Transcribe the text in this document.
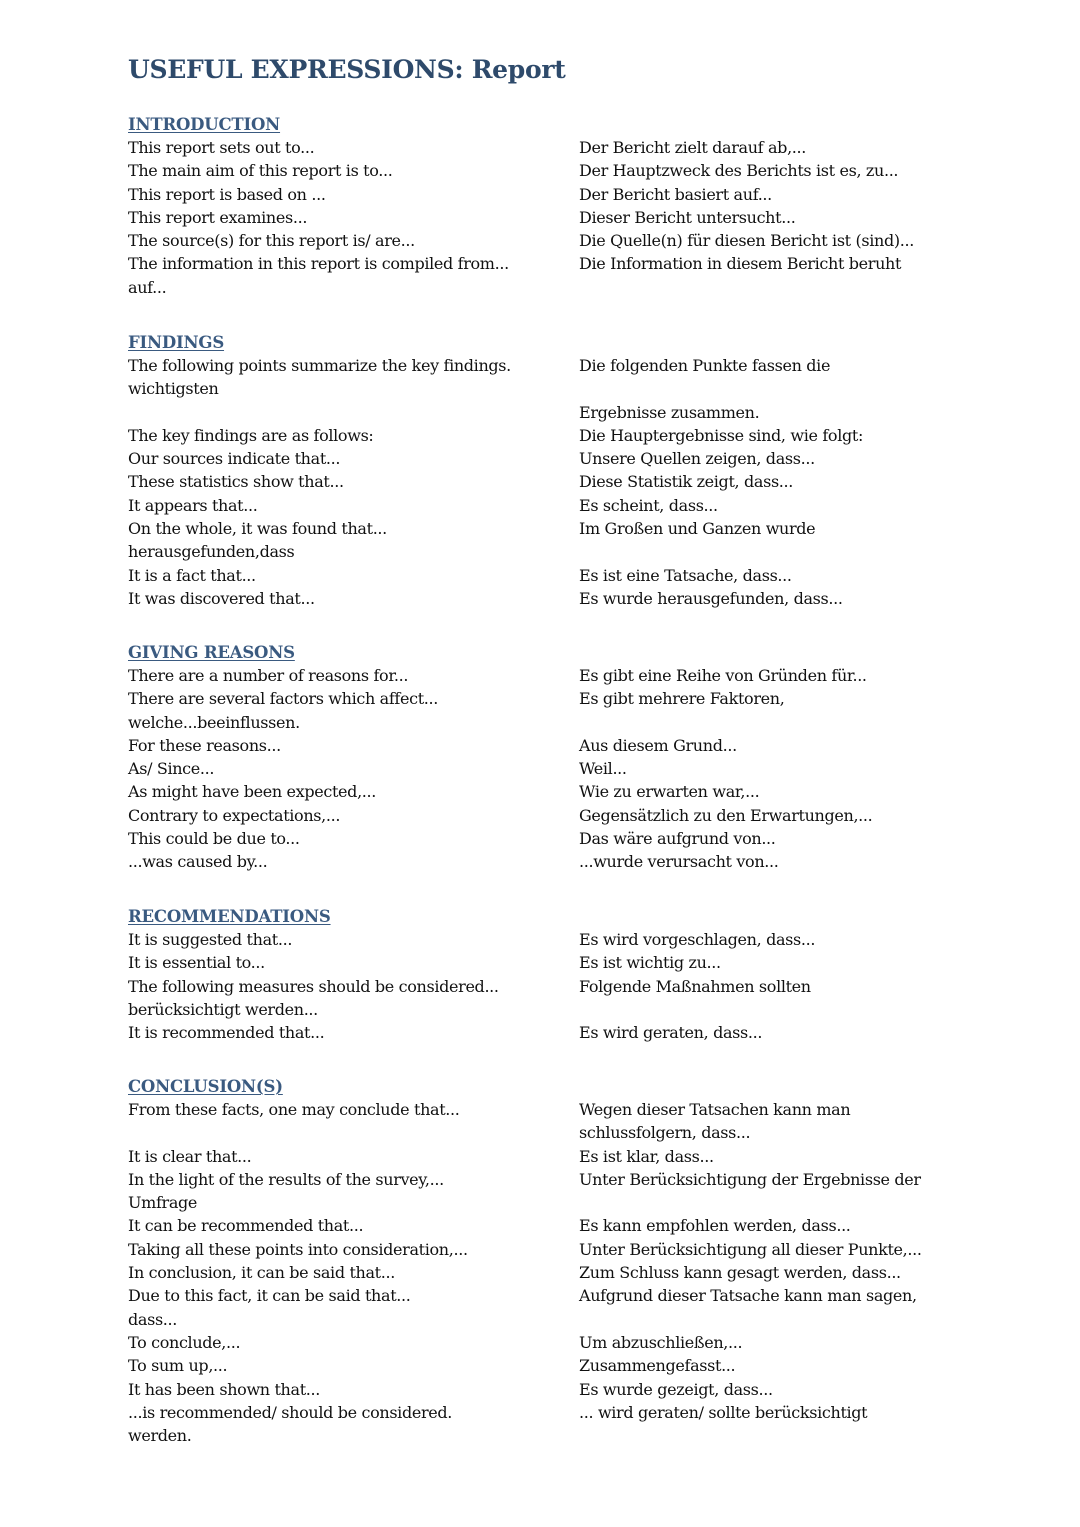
USEFUL EXPRESSIONS: Report
INTRODUCTION
This report sets out to...	Der Bericht zielt darauf ab,...
The main aim of this report is to...	Der Hauptzweck des Berichts ist es, zu...
This report is based on ...	Der Bericht basiert auf...
This report examines...	Dieser Bericht untersucht...
The source(s) for this report is/ are...	Die Quelle(n) für diesen Bericht ist (sind)...
The information in this report is compiled from...	Die Information in diesem Bericht beruht
auf...
FINDINGS
The following points summarize the key findings.	Die folgenden Punkte fassen die
wichtigsten
Ergebnisse zusammen.
The key findings are as follows:	Die Hauptergebnisse sind, wie folgt:
Our sources indicate that...	Unsere Quellen zeigen, dass...
These statistics show that...	Diese Statistik zeigt, dass...
It appears that...	Es scheint, dass...
On the whole, it was found that...	Im Großen und Ganzen wurde
herausgefunden,dass
It is a fact that...	Es ist eine Tatsache, dass...
It was discovered that...	Es wurde herausgefunden, dass...
GIVING REASONS
There are a number of reasons for...	Es gibt eine Reihe von Gründen für...
There are several factors which affect...	Es gibt mehrere Faktoren,
welche...beeinflussen.
For these reasons...	Aus diesem Grund...
As/ Since...	Weil...
As might have been expected,...	Wie zu erwarten war,...
Contrary to expectations,...	Gegensätzlich zu den Erwartungen,...
This could be due to...	Das wäre aufgrund von...
...was caused by...	...wurde verursacht von...
RECOMMENDATIONS
It is suggested that...	Es wird vorgeschlagen, dass...
It is essential to...	Es ist wichtig zu...
The following measures should be considered...	Folgende Maßnahmen sollten
berücksichtigt werden...
It is recommended that...	Es wird geraten, dass...
CONCLUSION(S)
From these facts, one may conclude that...	Wegen dieser Tatsachen kann man
schlussfolgern, dass...
It is clear that...	Es ist klar, dass...
In the light of the results of the survey,...	Unter Berücksichtigung der Ergebnisse der
Umfrage
It can be recommended that...	Es kann empfohlen werden, dass...
Taking all these points into consideration,...	Unter Berücksichtigung all dieser Punkte,...
In conclusion, it can be said that...	Zum Schluss kann gesagt werden, dass...
Due to this fact, it can be said that...	Aufgrund dieser Tatsache kann man sagen,
dass...
To conclude,...	Um abzuschließen,...
To sum up,...	Zusammengefasst...
It has been shown that...	Es wurde gezeigt, dass...
...is recommended/ should be considered.	... wird geraten/ sollte berücksichtigt
werden.
